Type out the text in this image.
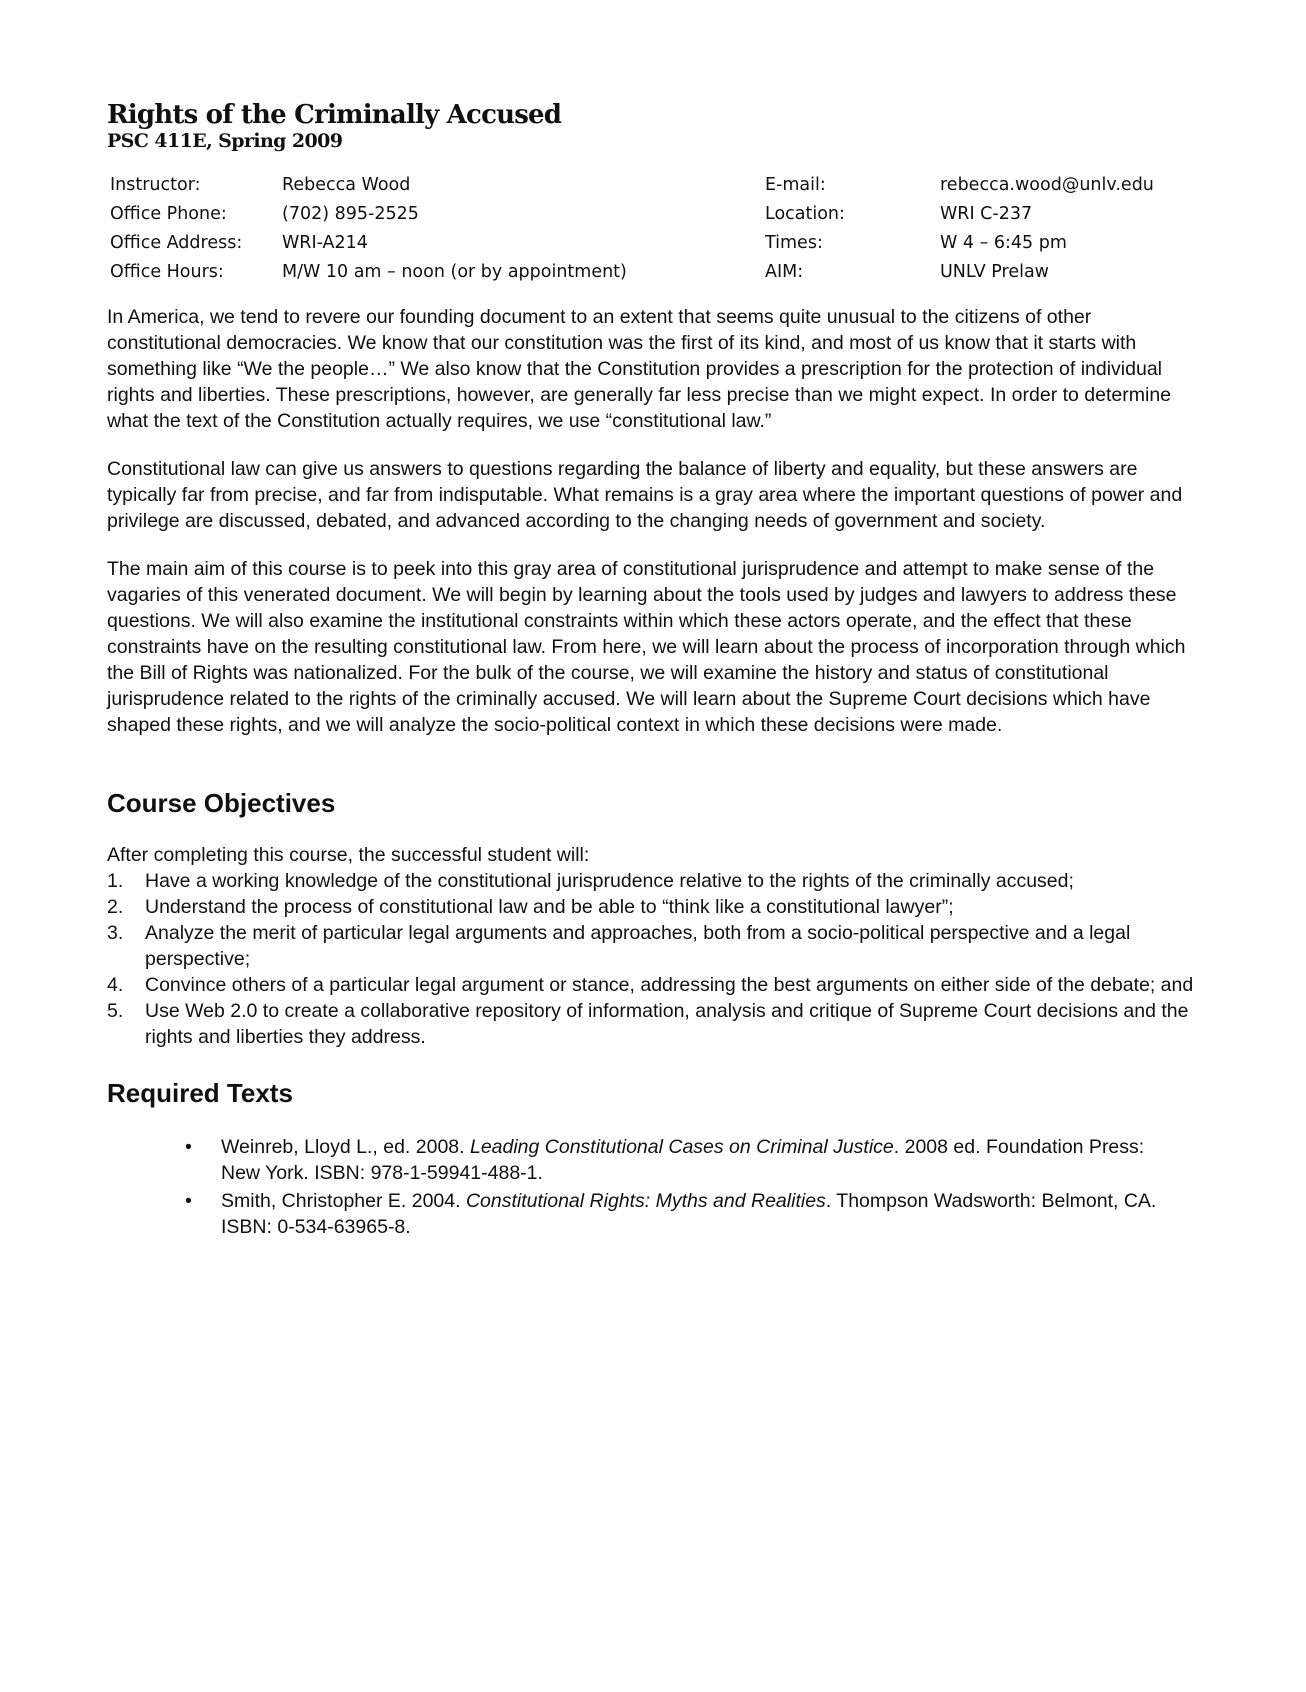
Rights of the Criminally Accused
PSC 411E, Spring 2009
Instructor:	Rebecca Wood	E-mail:	rebecca.wood@unlv.edu
Office Phone:	(702) 895-2525	Location:	WRI C-237
Office Address:	WRI-A214	Times:	W 4 – 6:45 pm
Office Hours:	M/W 10 am – noon (or by appointment)	AIM:	UNLV Prelaw

In America, we tend to revere our founding document to an extent that seems quite unusual to the citizens of other constitutional democracies. We know that our constitution was the first of its kind, and most of us know that it starts with something like “We the people…” We also know that the Constitution provides a prescription for the protection of individual rights and liberties. These prescriptions, however, are generally far less precise than we might expect. In order to determine what the text of the Constitution actually requires, we use “constitutional law.”

Constitutional law can give us answers to questions regarding the balance of liberty and equality, but these answers are typically far from precise, and far from indisputable. What remains is a gray area where the important questions of power and privilege are discussed, debated, and advanced according to the changing needs of government and society.

The main aim of this course is to peek into this gray area of constitutional jurisprudence and attempt to make sense of the vagaries of this venerated document. We will begin by learning about the tools used by judges and lawyers to address these questions. We will also examine the institutional constraints within which these actors operate, and the effect that these constraints have on the resulting constitutional law. From here, we will learn about the process of incorporation through which the Bill of Rights was nationalized. For the bulk of the course, we will examine the history and status of constitutional jurisprudence related to the rights of the criminally accused. We will learn about the Supreme Court decisions which have shaped these rights, and we will analyze the socio-political context in which these decisions were made.

Course Objectives

After completing this course, the successful student will:

1. Have a working knowledge of the constitutional jurisprudence relative to the rights of the criminally accused;
2. Understand the process of constitutional law and be able to “think like a constitutional lawyer”;
3. Analyze the merit of particular legal arguments and approaches, both from a socio-political perspective and a legal perspective;
4. Convince others of a particular legal argument or stance, addressing the best arguments on either side of the debate; and
5. Use Web 2.0 to create a collaborative repository of information, analysis and critique of Supreme Court decisions and the rights and liberties they address.
Required Texts
• Weinreb, Lloyd L., ed. 2008. Leading Constitutional Cases on Criminal Justice. 2008 ed. Foundation Press: New York. ISBN: 978-1-59941-488-1.
• Smith, Christopher E. 2004. Constitutional Rights: Myths and Realities. Thompson Wadsworth: Belmont, CA. ISBN: 0-534-63965-8.
